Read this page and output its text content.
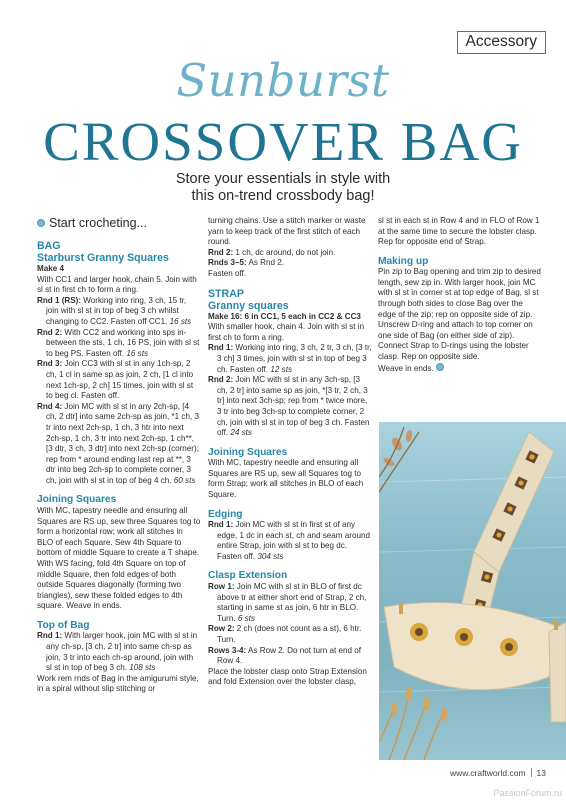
Accessory
Sunburst
CROSSOVER BAG
Store your essentials in style with
this on-trend crossbody bag!
Start crocheting...
BAG
Starburst Granny Squares
Make 4
With CC1 and larger hook, chain 5. Join with sl st in first ch to form a ring.
Rnd 1 (RS): Working into ring, 3 ch, 15 tr, join with sl st in top of beg 3 ch whilst changing to CC2. Fasten off CC1. 16 sts
Rnd 2: With CC2 and working into sps in-between the sts, 1 ch, 16 PS, join with sl st to beg PS. Fasten off. 16 sts
Rnd 3: Join CC3 with sl st in any 1ch-sp, 2 ch, 1 cl in same sp as join, 2 ch, [1 cl into next 1ch-sp, 2 ch] 15 times, join with sl st to beg cl. Fasten off.
Rnd 4: Join MC with sl st in any 2ch-sp, [4 ch, 2 dtr] into same 2ch-sp as join, *1 ch, 3 tr into next 2ch-sp, 1 ch, 3 htr into next 2ch-sp, 1 ch, 3 tr into next 2ch-sp, 1 ch**, [3 dtr, 3 ch, 3 dtr] into next 2ch-sp (corner); rep from * around ending last rep at **, 3 dtr into beg 2ch-sp to complete corner, 3 ch, join with sl st in top of beg 4 ch. 60 sts
Joining Squares
With MC, tapestry needle and ensuring all Squares are RS up, sew three Squares tog to form a horizontal row; work all stitches in BLO of each Square. Sew 4th Square to bottom of middle Square to create a T shape. With WS facing, fold 4th Square on top of middle Square, then fold edges of both outside Squares diagonally (forming two triangles), sew these folded edges to 4th square. Weave in ends.
Top of Bag
Rnd 1: With larger hook, join MC with sl st in any ch-sp, [3 ch, 2 tr] into same ch-sp as join, 3 tr into each ch-sp around, join with sl st in top of beg 3 ch. 108 sts
Work rem rnds of Bag in the amigurumi style, in a spiral without slip stitching or
turning chains. Use a stitch marker or waste yarn to keep track of the first stitch of each round.
Rnd 2: 1 ch, dc around, do not join.
Rnds 3–5: As Rnd 2.
Fasten off.
STRAP
Granny squares
Make 16: 6 in CC1, 5 each in CC2 & CC3
With smaller hook, chain 4. Join with sl st in first ch to form a ring.
Rnd 1: Working into ring, 3 ch, 2 tr, 3 ch, [3 tr, 3 ch] 3 times, join with sl st in top of beg 3 ch. Fasten off. 12 sts
Rnd 2: Join MC with sl st in any 3ch-sp, [3 ch, 2 tr] into same sp as join, *[3 tr, 2 ch, 3 tr] into next 3ch-sp; rep from * twice more, 3 tr into beg 3ch-sp to complete corner, 2 ch, join with sl st in top of beg 3 ch. Fasten off. 24 sts
Joining Squares
With MC, tapestry needle and ensuring all Squares are RS up, sew all Squares tog to form Strap; work all stitches in BLO of each Square.
Edging
Rnd 1: Join MC with sl st in first st of any edge, 1 dc in each st, ch and seam around entire Strap, join with sl st to beg dc. Fasten off. 304 sts
Clasp Extension
Row 1: Join MC with sl st in BLO of first dc above tr at either short end of Strap, 2 ch, starting in same st as join, 6 htr in BLO. Turn. 6 sts
Row 2: 2 ch (does not count as a st), 6 htr. Turn.
Rows 3-4: As Row 2. Do not turn at end of Row 4.
Place the lobster clasp onto Strap Extension and fold Extension over the lobster clasp,
sl st in each st in Row 4 and in FLO of Row 1 at the same time to secure the lobster clasp.
Rep for opposite end of Strap.
Making up
Pin zip to Bag opening and trim zip to desired length, sew zip in. With larger hook, join MC with sl st in corner st at top edge of Bag, sl st through both sides to close Bag over the edge of the zip; rep on opposite side of zip.
Unscrew D-ring and attach to top corner on one side of Bag (on either side of zip). Connect Strap to D-rings using the lobster clasp. Rep on opposite side.
Weave in ends.
www.craftworld.com 13
PassionForum.ru
